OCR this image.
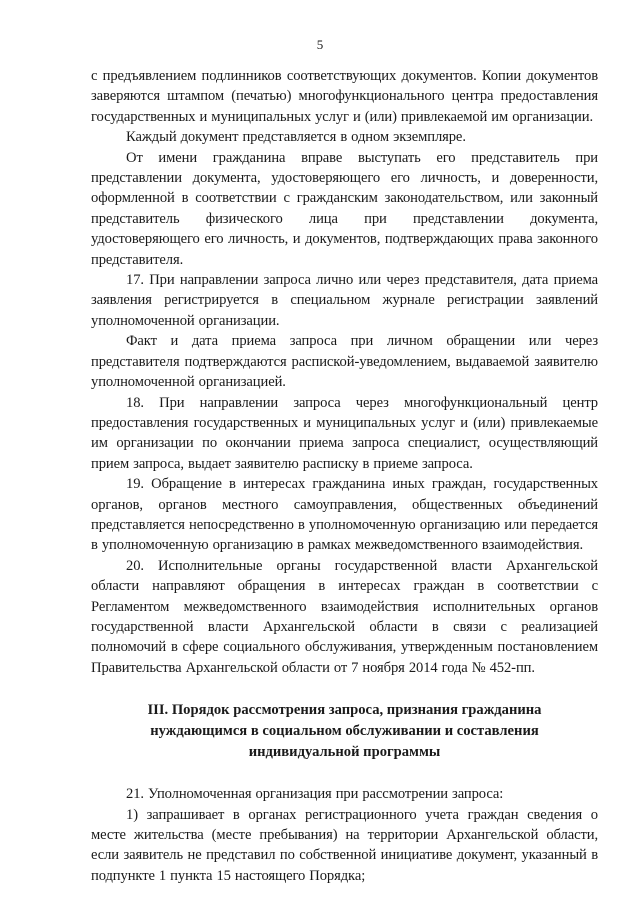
5

с предъявлением подлинников соответствующих документов. Копии документов заверяются штампом (печатью) многофункционального центра предоставления государственных и муниципальных услуг и (или) привлекаемой им организации.

Каждый документ представляется в одном экземпляре.

От имени гражданина вправе выступать его представитель при представлении документа, удостоверяющего его личность, и доверенности, оформленной в соответствии с гражданским законодательством, или законный представитель физического лица при представлении документа, удостоверяющего его личность, и документов, подтверждающих права законного представителя.

17. При направлении запроса лично или через представителя, дата приема заявления регистрируется в специальном журнале регистрации заявлений уполномоченной организации.

Факт и дата приема запроса при личном обращении или через представителя подтверждаются распиской-уведомлением, выдаваемой заявителю уполномоченной организацией.

18. При направлении запроса через многофункциональный центр предоставления государственных и муниципальных услуг и (или) привлекаемые им организации по окончании приема запроса специалист, осуществляющий прием запроса, выдает заявителю расписку в приеме запроса.

19. Обращение в интересах гражданина иных граждан, государственных органов, органов местного самоуправления, общественных объединений представляется непосредственно в уполномоченную организацию или передается в уполномоченную организацию в рамках межведомственного взаимодействия.

20. Исполнительные органы государственной власти Архангельской области направляют обращения в интересах граждан в соответствии с Регламентом межведомственного взаимодействия исполнительных органов государственной власти Архангельской области в связи с реализацией полномочий в сфере социального обслуживания, утвержденным постановлением Правительства Архангельской области от 7 ноября 2014 года № 452-пп.

III. Порядок рассмотрения запроса, признания гражданина
нуждающимся в социальном обслуживании и составления
индивидуальной программы

21. Уполномоченная организация при рассмотрении запроса:

1) запрашивает в органах регистрационного учета граждан сведения о месте жительства (месте пребывания) на территории Архангельской области, если заявитель не представил по собственной инициативе документ, указанный в подпункте 1 пункта 15 настоящего Порядка;
